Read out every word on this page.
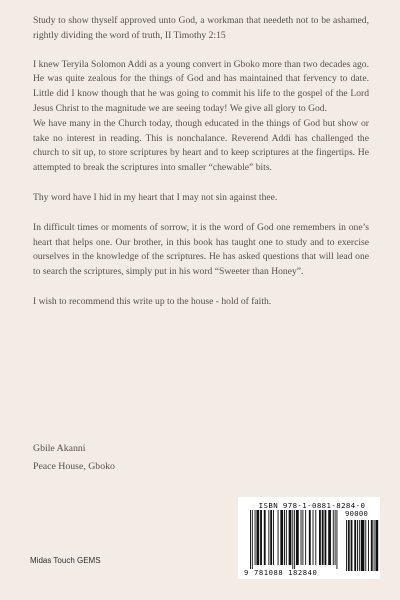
Study to show thyself approved unto God, a workman that needeth not to be ashamed, rightly dividing the word of truth, II Timothy 2:15

I knew Teryila Solomon Addi as a young convert in Gboko more than two decades ago. He was quite zealous for the things of God and has maintained that fervency to date. Little did I know though that he was going to commit his life to the gospel of the Lord Jesus Christ to the magnitude we are seeing today! We give all glory to God.

We have many in the Church today, though educated in the things of God but show or take no interest in reading. This is nonchalance. Reverend Addi has challenged the church to sit up, to store scriptures by heart and to keep scriptures at the fingertips. He attempted to break the scriptures into smaller “chewable” bits.

Thy word have I hid in my heart that I may not sin against thee.

In difficult times or moments of sorrow, it is the word of God one remembers in one’s heart that helps one. Our brother, in this book has taught one to study and to exercise ourselves in the knowledge of the scriptures. He has asked questions that will lead one to search the scriptures, simply put in his word “Sweeter than Honey”.

I wish to recommend this write up to the house - hold of faith.

Gbile Akanni
Peace House, Gboko
Midas Touch GEMS
ISBN 978-1-0881-8284-0
9 781088 182840
90000
